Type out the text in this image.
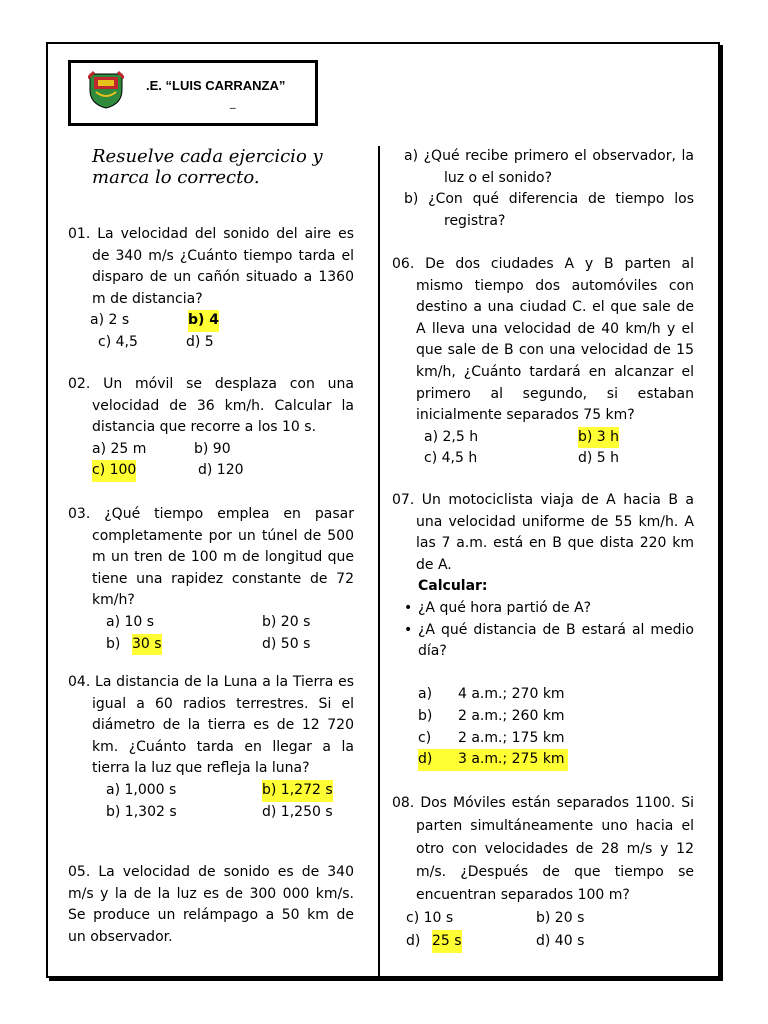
.E. “LUIS CARRANZA”
_
Resuelve cada ejercicio y marca lo correcto.

01. La velocidad del sonido del aire es de 340 m/s ¿Cuánto tiempo tarda el disparo de un cañón situado a 1360 m de distancia?

a) 2 s	b) 4
c) 4,5	d) 5

02. Un móvil se desplaza con una velocidad de 36 km/h. Calcular la distancia que recorre a los 10 s.

a) 25 m	b) 90
c) 100	d) 120

03. ¿Qué tiempo emplea en pasar completamente por un túnel de 500 m un tren de 100 m de longitud que tiene una rapidez constante de 72 km/h?

a) 10 s	b) 20 s
b) 30 s	d) 50 s

04. La distancia de la Luna a la Tierra es igual a 60 radios terrestres. Si el diámetro de la tierra es de 12 720 km. ¿Cuánto tarda en llegar a la tierra la luz que refleja la luna?

a) 1,000 s	b) 1,272 s
b) 1,302 s	d) 1,250 s

05. La velocidad de sonido es de 340 m/s y la de la luz es de 300 000 km/s. Se produce un relámpago a 50 km de un observador.

a) ¿Qué recibe primero el observador, la luz o el sonido?

b) ¿Con qué diferencia de tiempo los registra?

06. De dos ciudades A y B parten al mismo tiempo dos automóviles con destino a una ciudad C. el que sale de A lleva una velocidad de 40 km/h y el que sale de B con una velocidad de 15 km/h, ¿Cuánto tardará en alcanzar el primero al segundo, si estaban inicialmente separados 75 km?

a) 2,5 h	b) 3 h
c) 4,5 h	d) 5 h

07. Un motociclista viaja de A hacia B a una velocidad uniforme de 55 km/h. A las 7 a.m. está en B que dista 220 km de A.

Calcular:

• ¿A qué hora partió de A?

• ¿A qué distancia de B estará al medio día?

a) 4 a.m.; 270 km
b) 2 a.m.; 260 km
c) 2 a.m.; 175 km
d)	3 a.m.; 275 km

08. Dos Móviles están separados 1100. Si parten simultáneamente uno hacia el otro con velocidades de 28 m/s y 12 m/s. ¿Después de que tiempo se encuentran separados 100 m?

c) 10 s	b) 20 s
d) 25 s	d) 40 s
